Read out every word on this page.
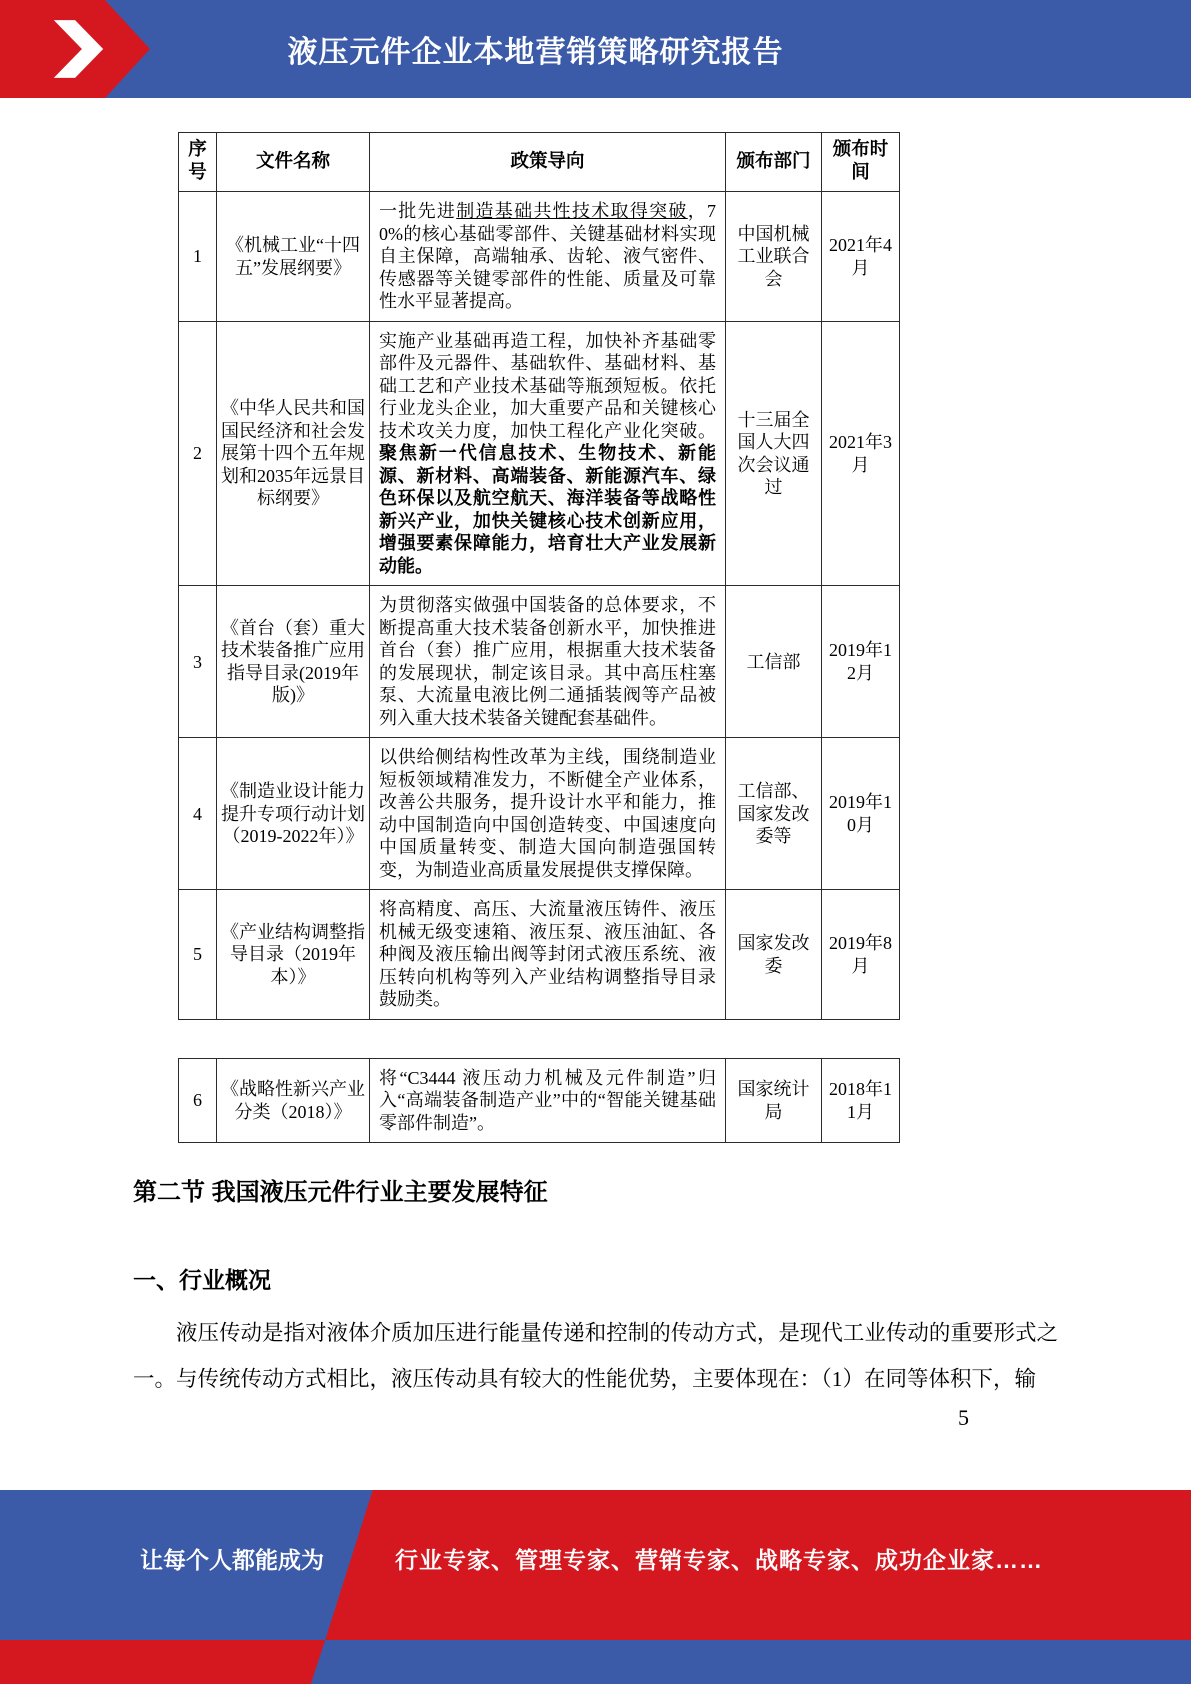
液压元件企业本地营销策略研究报告
序号	文件名称	政策导向	颁布部门	颁布时间
1	《机械工业“十四五”发展纲要》	一批先进制造基础共性技术取得突破，70%的核心基础零部件、关键基础材料实现自主保障，高端轴承、齿轮、液气密件、传感器等关键零部件的性能、质量及可靠性水平显著提高。	中国机械工业联合会	2021年4月
2	《中华人民共和国国民经济和社会发展第十四个五年规划和2035年远景目标纲要》	实施产业基础再造工程，加快补齐基础零部件及元器件、基础软件、基础材料、基础工艺和产业技术基础等瓶颈短板。依托行业龙头企业，加大重要产品和关键核心技术攻关力度，加快工程化产业化突破。聚焦新一代信息技术、生物技术、新能源、新材料、高端装备、新能源汽车、绿色环保以及航空航天、海洋装备等战略性新兴产业，加快关键核心技术创新应用，增强要素保障能力，培育壮大产业发展新动能。	十三届全国人大四次会议通过	2021年3月
3	《首台（套）重大技术装备推广应用指导目录(2019年版)》	为贯彻落实做强中国装备的总体要求，不断提高重大技术装备创新水平，加快推进首台（套）推广应用，根据重大技术装备的发展现状，制定该目录。其中高压柱塞泵、大流量电液比例二通插装阀等产品被列入重大技术装备关键配套基础件。	工信部	2019年12月
4	《制造业设计能力提升专项行动计划（2019-2022年）》	以供给侧结构性改革为主线，围绕制造业短板领域精准发力，不断健全产业体系，改善公共服务，提升设计水平和能力，推动中国制造向中国创造转变、中国速度向中国质量转变、制造大国向制造强国转变，为制造业高质量发展提供支撑保障。	工信部、国家发改委等	2019年10月
5	《产业结构调整指导目录（2019年本）》	将高精度、高压、大流量液压铸件、液压机械无级变速箱、液压泵、液压油缸、各种阀及液压输出阀等封闭式液压系统、液压转向机构等列入产业结构调整指导目录鼓励类。	国家发改委	2019年8月
6	《战略性新兴产业分类（2018）》	将“C3444 液压动力机械及元件制造”归入“高端装备制造产业”中的“智能关键基础零部件制造”。	国家统计局	2018年11月
第二节 我国液压元件行业主要发展特征
一、行业概况

液压传动是指对液体介质加压进行能量传递和控制的传动方式，是现代工业传动的重要形式之一。与传统传动方式相比，液压传动具有较大的性能优势，主要体现在：（1）在同等体积下，输

5
让每个人都能成为	行业专家、管理专家、营销专家、战略专家、成功企业家……
